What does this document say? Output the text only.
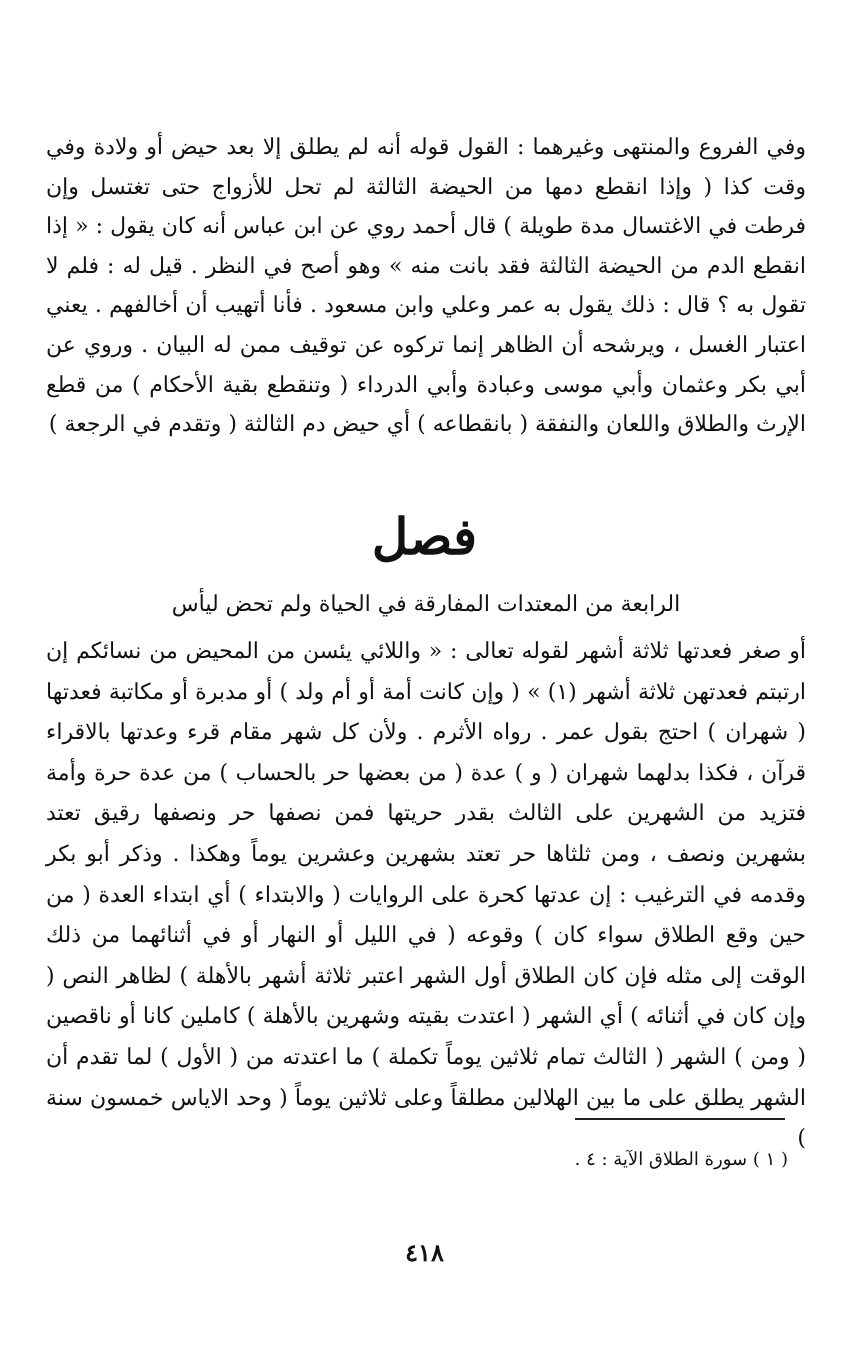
وفي الفروع والمنتهى وغيرهما : القول قوله أنه لم يطلق إلا بعد حيض أو ولادة وفي وقت كذا ( وإذا انقطع دمها من الحيضة الثالثة لم تحل للأزواج حتى تغتسل وإن فرطت في الاغتسال مدة طويلة ) قال أحمد روي عن ابن عباس أنه كان يقول : « إذا انقطع الدم من الحيضة الثالثة فقد بانت منه » وهو أصح في النظر . قيل له : فلم لا تقول به ؟ قال : ذلك يقول به عمر وعلي وابن مسعود . فأنا أتهيب أن أخالفهم . يعني اعتبار الغسل ، ويرشحه أن الظاهر إنما تركوه عن توقيف ممن له البيان . وروي عن أبي بكر وعثمان وأبي موسى وعبادة وأبي الدرداء ( وتنقطع بقية الأحكام ) من قطع الإرث والطلاق واللعان والنفقة ( بانقطاعه ) أي حيض دم الثالثة ( وتقدم في الرجعة )

فصل
الرابعة من المعتدات المفارقة في الحياة ولم تحض ليأس

أو صغر فعدتها ثلاثة أشهر لقوله تعالى : « واللائي يئسن من المحيض من نسائكم إن ارتبتم فعدتهن ثلاثة أشهر (١) » ( وإن كانت أمة أو أم ولد ) أو مدبرة أو مكاتبة فعدتها ( شهران ) احتج بقول عمر . رواه الأثرم . ولأن كل شهر مقام قرء وعدتها بالاقراء قرآن ، فكذا بدلهما شهران ( و ) عدة ( من بعضها حر بالحساب ) من عدة حرة وأمة فتزيد من الشهرين على الثالث بقدر حريتها فمن نصفها حر ونصفها رقيق تعتد بشهرين ونصف ، ومن ثلثاها حر تعتد بشهرين وعشرين يوماً وهكذا . وذكر أبو بكر وقدمه في الترغيب : إن عدتها كحرة على الروايات ( والابتداء ) أي ابتداء العدة ( من حين وقع الطلاق سواء كان ) وقوعه ( في الليل أو النهار أو في أثنائهما من ذلك الوقت إلى مثله فإن كان الطلاق أول الشهر اعتبر ثلاثة أشهر بالأهلة ) لظاهر النص ( وإن كان في أثنائه ) أي الشهر ( اعتدت بقيته وشهرين بالأهلة ) كاملين كانا أو ناقصين ( ومن ) الشهر ( الثالث تمام ثلاثين يوماً تكملة ) ما اعتدته من ( الأول ) لما تقدم أن الشهر يطلق على ما بين الهلالين مطلقاً وعلى ثلاثين يوماً ( وحد الاياس خمسون سنة )

( ١ ) سورة الطلاق الآية : ٤ .
٤١٨
